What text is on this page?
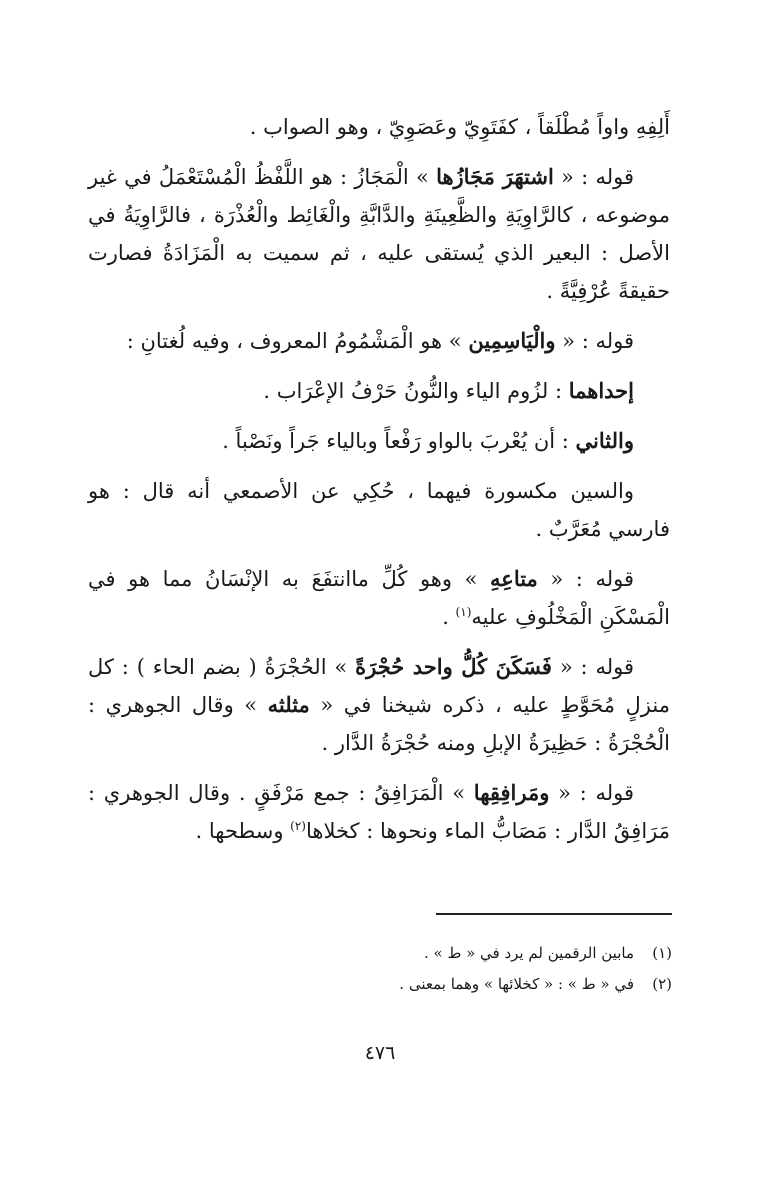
أَلِفِهِ واواً مُطْلَقاً ، كفَتَوِيّ وعَصَوِيّ ، وهو الصواب .

قوله : « اشتهَرَ مَجَازُها » الْمَجَازُ : هو اللَّفْظُ الْمُسْتَعْمَلُ في غير موضوعه ، كالرَّاوِيَةِ والظَّعِينَةِ والدَّابَّةِ والْغَائِط والْعُذْرَة ، فالرَّاوِيَةُ في الأصل : البعير الذي يُستقى عليه ، ثم سميت به الْمَزَادَةُ فصارت حقيقةً عُرْفِيَّةً .

قوله : « والْيَاسِمِين » هو الْمَشْمُومُ المعروف ، وفيه لُغتانِ :

إحداهما : لزُوم الياء والنُّونُ حَرْفُ الإعْرَاب .

والثاني : أن يُعْربَ بالواو رَفْعاً وبالياء جَراً ونَصْباً .

والسين مكسورة فيهما ، حُكِي عن الأصمعي أنه قال : هو فارسي مُعَرَّبٌ .

قوله : « متاعِهِ » وهو كُلِّ ماانتفَعَ به الإنْسَانُ مما هو في الْمَسْكَنِ الْمَخْلُوفِ عليه$^{(١)}$ .

قوله : « فَسَكَنَ كُلُّ واحد حُجْرَةً » الحُجْرَةُ ( بضم الحاء ) : كل منزلٍ مُحَوَّطٍ عليه ، ذكره شيخنا في « مثلثه » وقال الجوهري : الْحُجْرَةُ : حَظِيرَةُ الإبلِ ومنه حُجْرَةُ الدَّار .

قوله : « ومَرافِقِها » الْمَرَافِقُ : جمع مَرْفَقٍ . وقال الجوهري : مَرَافِقُ الدَّار : مَصَابُّ الماء ونحوها : كخلاها$^{(٢)}$ وسطحها .

(١)مابين الرقمين لم يرد في « ط » .
(٢)في « ط » : « كخلائها » وهما بمعنى .
٤٧٦
